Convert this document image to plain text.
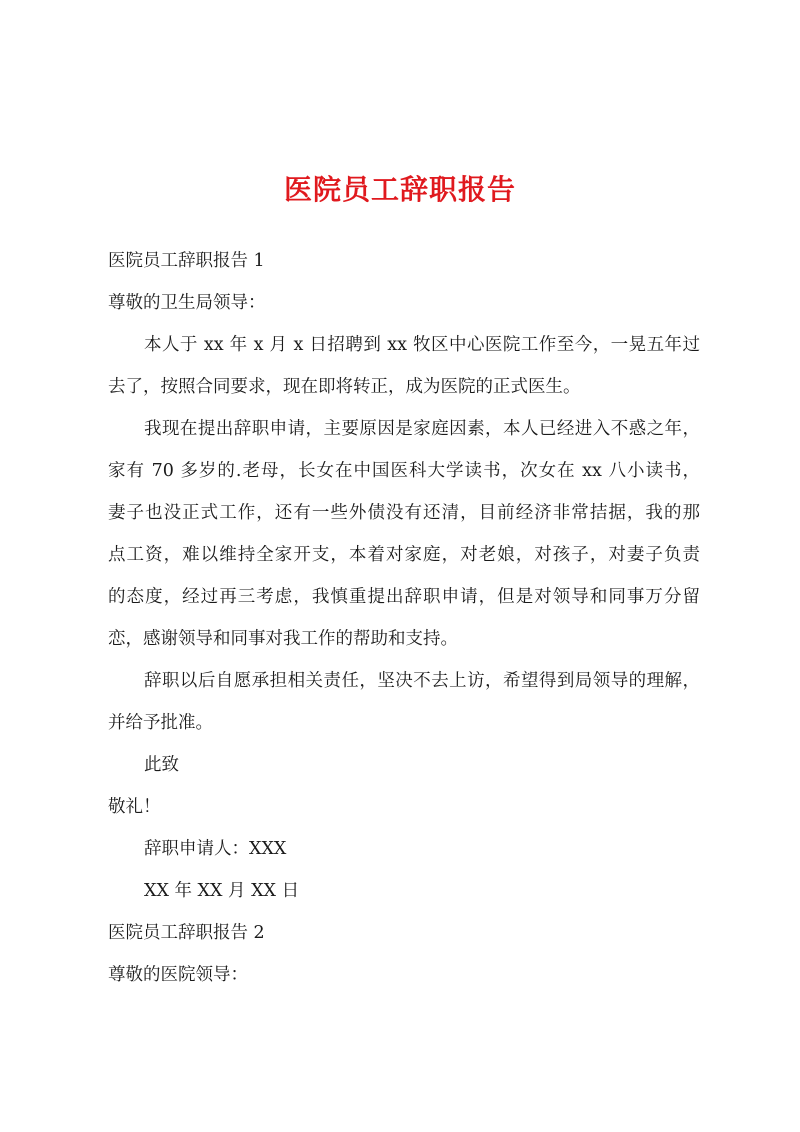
医院员工辞职报告
医院员工辞职报告 1
尊敬的卫生局领导：
本人于 xx 年 x 月 x 日招聘到 xx 牧区中心医院工作至今，一晃五年过
去了，按照合同要求，现在即将转正，成为医院的正式医生。
我现在提出辞职申请，主要原因是家庭因素，本人已经进入不惑之年，
家有 70 多岁的.老母，长女在中国医科大学读书，次女在 xx 八小读书，
妻子也没正式工作，还有一些外债没有还清，目前经济非常拮据，我的那
点工资，难以维持全家开支，本着对家庭，对老娘，对孩子，对妻子负责
的态度，经过再三考虑，我慎重提出辞职申请，但是对领导和同事万分留
恋，感谢领导和同事对我工作的帮助和支持。
辞职以后自愿承担相关责任，坚决不去上访，希望得到局领导的理解，
并给予批准。
此致
敬礼！
辞职申请人：XXX
XX 年 XX 月 XX 日
医院员工辞职报告 2
尊敬的医院领导：
